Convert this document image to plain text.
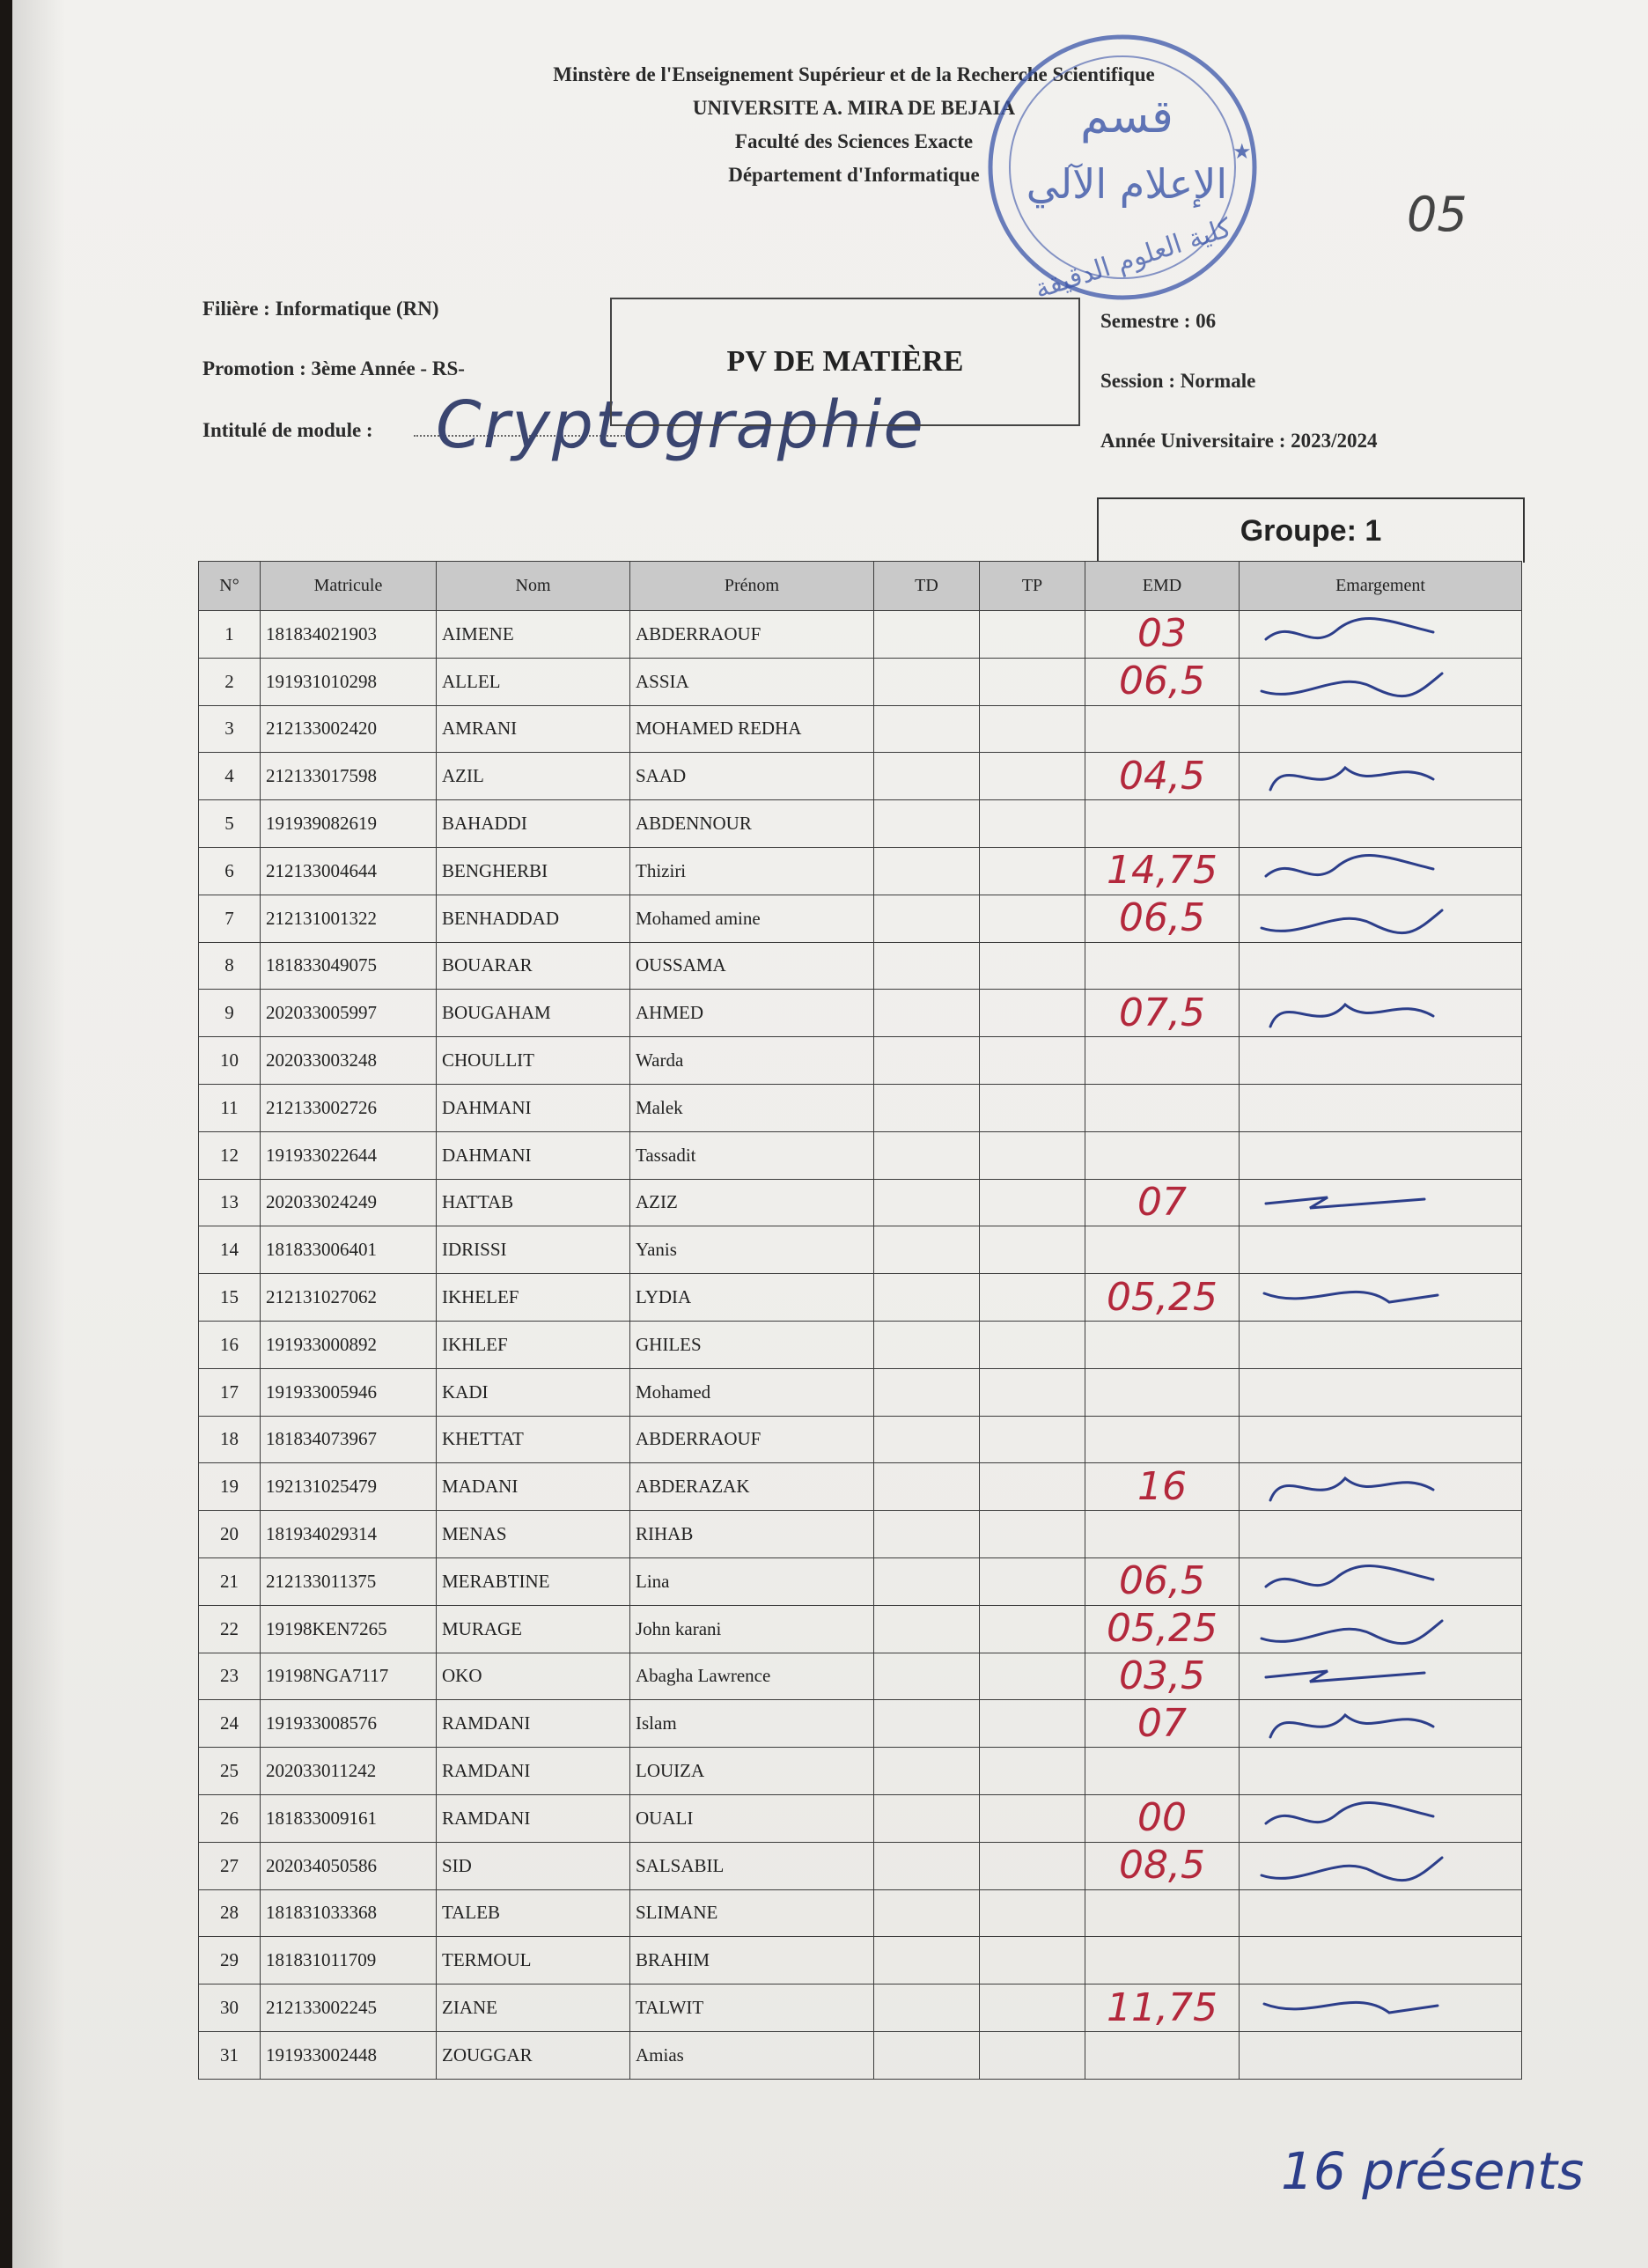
Minstère de l'Enseignement Supérieur et de la Recherche Scientifique
UNIVERSITE A. MIRA DE BEJAIA
Faculté des Sciences Exacte
Département d'Informatique
★
قسم
الإعلام الآلي
كلية العلوم الدقيقة	05
Filière : Informatique (RN)
Promotion : 3ème Année - RS-
Intitulé de module : Cryptographie
PV DE MATIÈRE
Semestre : 06
Session : Normale
Année Universitaire : 2023/2024
Groupe: 1
N°	Matricule	Nom	Prénom	TD	TP	EMD	Emargement
1	181834021903	AIMENE	ABDERRAOUF			03	

2	191931010298	ALLEL	ASSIA			06,5	

3	212133002420	AMRANI	MOHAMED REDHA				
4	212133017598	AZIL	SAAD			04,5	

5	191939082619	BAHADDI	ABDENNOUR				
6	212133004644	BENGHERBI	Thiziri			14,75	

7	212131001322	BENHADDAD	Mohamed amine			06,5	

8	181833049075	BOUARAR	OUSSAMA				
9	202033005997	BOUGAHAM	AHMED			07,5	

10	202033003248	CHOULLIT	Warda				
11	212133002726	DAHMANI	Malek				
12	191933022644	DAHMANI	Tassadit				
13	202033024249	HATTAB	AZIZ			07	

14	181833006401	IDRISSI	Yanis				
15	212131027062	IKHELEF	LYDIA			05,25	

16	191933000892	IKHLEF	GHILES				
17	191933005946	KADI	Mohamed				
18	181834073967	KHETTAT	ABDERRAOUF				
19	192131025479	MADANI	ABDERAZAK			16	

20	181934029314	MENAS	RIHAB				
21	212133011375	MERABTINE	Lina			06,5	

22	19198KEN7265	MURAGE	John karani			05,25	

23	19198NGA7117	OKO	Abagha Lawrence			03,5	

24	191933008576	RAMDANI	Islam			07	

25	202033011242	RAMDANI	LOUIZA				
26	181833009161	RAMDANI	OUALI			00	

27	202034050586	SID	SALSABIL			08,5	

28	181831033368	TALEB	SLIMANE				
29	181831011709	TERMOUL	BRAHIM				
30	212133002245	ZIANE	TALWIT			11,75	

31	191933002448	ZOUGGAR	Amias				
16 présents
